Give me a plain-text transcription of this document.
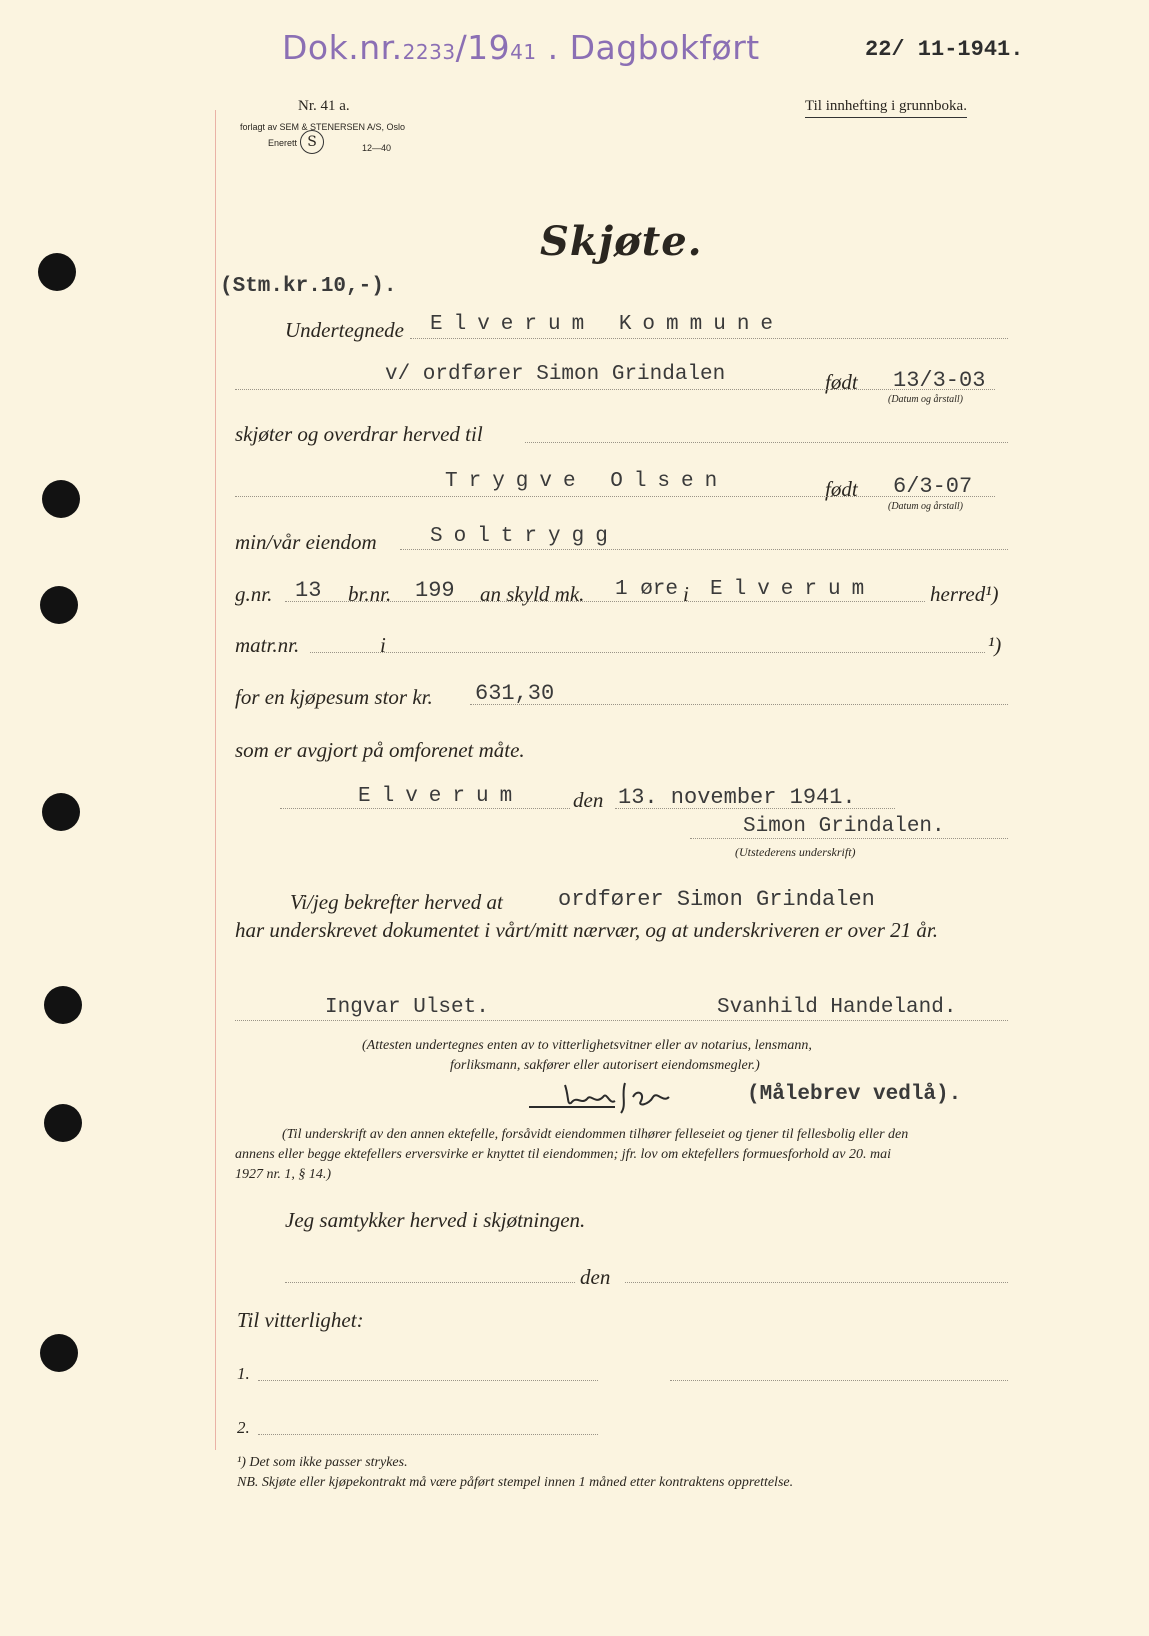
Dok.nr.2233/1941 . Dagbokført	22/ 11-1941.
Nr. 41 a.
forlagt av SEM & STENERSEN A/S, Oslo
S
Enerett	12—40
Til innhefting i grunnboka.
Skjøte.
(Stm.kr.10,-).
Undertegnede Elverum Kommune
v/ ordfører Simon Grindalen	født 13/3-03
(Datum og årstall)
skjøter og overdrar herved til
Trygve Olsen	født 6/3-07
(Datum og årstall)
min/vår eiendom	Soltrygg
g.nr. 13 br.nr. 199 an skyld mk. 1 øre i Elverum	herred¹)
matr.nr.	i	¹)
for en kjøpesum stor kr. 631,30
som er avgjort på omforenet måte.
Elverum den 13. november 1941.
Simon Grindalen.
(Utstederens underskrift)
Vi/jeg bekrefter herved at	ordfører Simon Grindalen
har underskrevet dokumentet i vårt/mitt nærvær, og at underskriveren er over 21 år.
Ingvar Ulset.	Svanhild Handeland.
(Attesten undertegnes enten av to vitterlighetsvitner eller av notarius, lensmann,
forliksmann, sakfører eller autorisert eiendomsmegler.)
(Målebrev vedlå).
(Til underskrift av den annen ektefelle, forsåvidt eiendommen tilhører felleseiet og tjener til fellesbolig eller den
annens eller begge ektefellers erversvirke er knyttet til eiendommen; jfr. lov om ektefellers formuesforhold av 20. mai
1927 nr. 1, § 14.)
Jeg samtykker herved i skjøtningen.
den
Til vitterlighet:
1.
2.
¹) Det som ikke passer strykes.
NB. Skjøte eller kjøpekontrakt må være påført stempel innen 1 måned etter kontraktens opprettelse.
